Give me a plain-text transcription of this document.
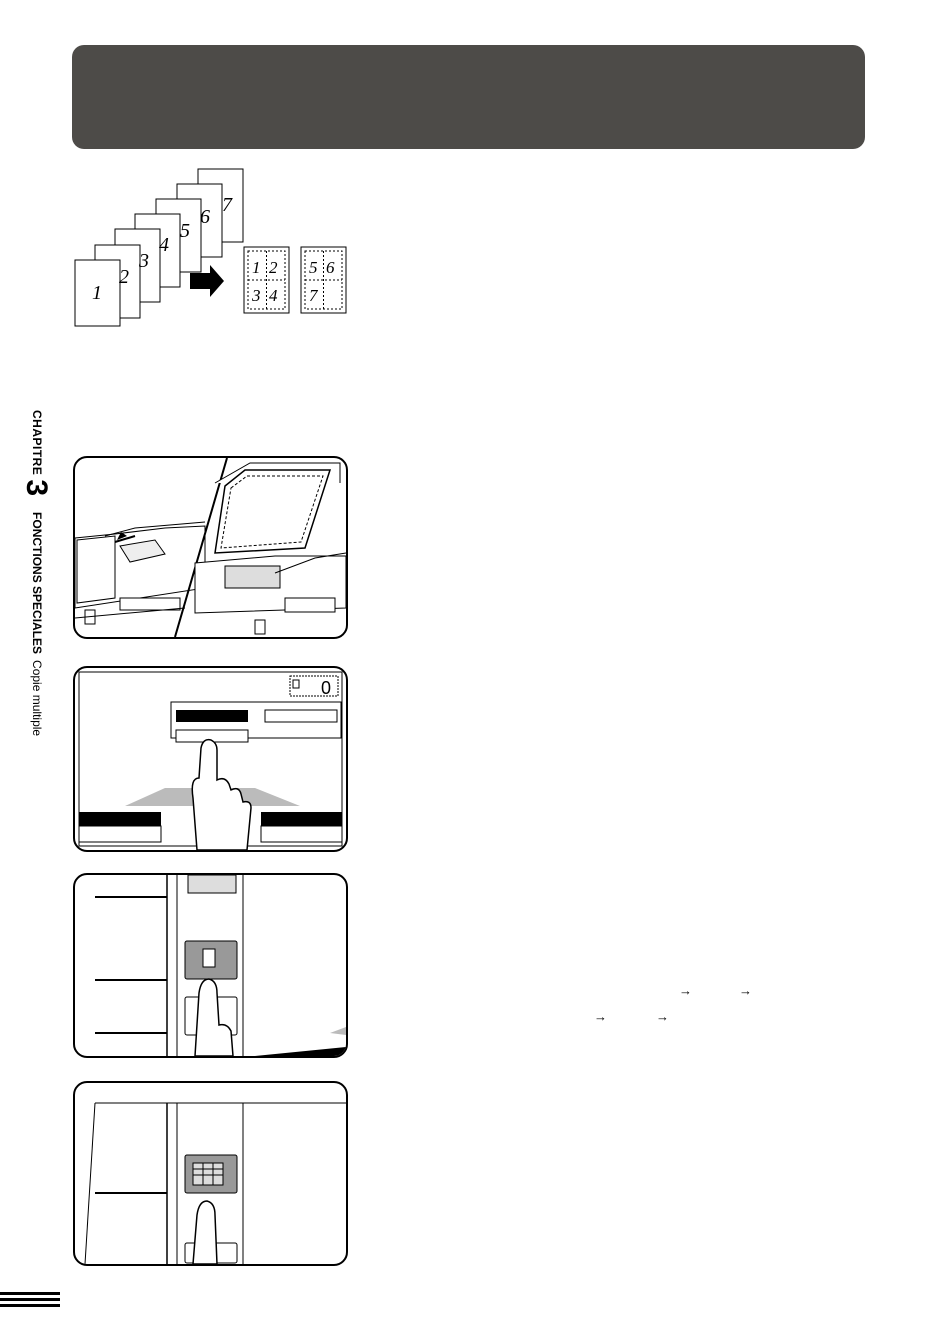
CHAPITRE3FONCTIONS SPECIALESCopie multiple
7
6
5
4
3
2
1
1 2
3 4
5 6
7
0
→	→
→	→
